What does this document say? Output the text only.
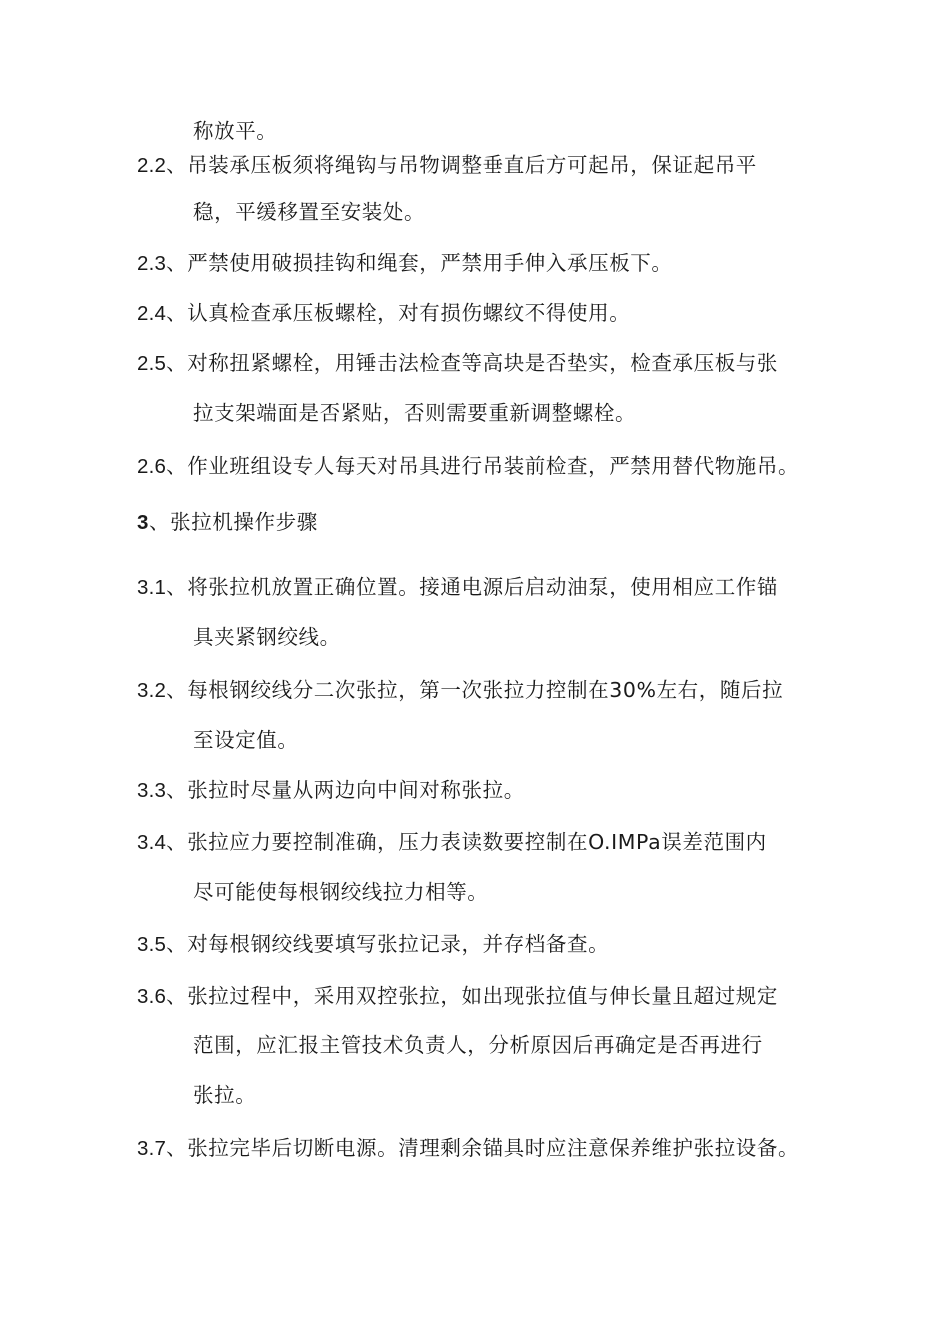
称放平。
2.2、吊装承压板须将绳钩与吊物调整垂直后方可起吊，保证起吊平
稳，平缓移置至安装处。
2.3、严禁使用破损挂钩和绳套，严禁用手伸入承压板下。
2.4、认真检查承压板螺栓，对有损伤螺纹不得使用。
2.5、对称扭紧螺栓，用锤击法检查等高块是否垫实，检查承压板与张
拉支架端面是否紧贴，否则需要重新调整螺栓。
2.6、作业班组设专人每天对吊具进行吊装前检查，严禁用替代物施吊。
3、张拉机操作步骤
3.1、将张拉机放置正确位置。接通电源后启动油泵，使用相应工作锚
具夹紧钢绞线。
3.2、每根钢绞线分二次张拉，第一次张拉力控制在30%左右，随后拉
至设定值。
3.3、张拉时尽量从两边向中间对称张拉。
3.4、张拉应力要控制准确，压力表读数要控制在O.IMPa误差范围内
尽可能使每根钢绞线拉力相等。
3.5、对每根钢绞线要填写张拉记录，并存档备查。
3.6、张拉过程中，采用双控张拉，如出现张拉值与伸长量且超过规定
范围，应汇报主管技术负责人，分析原因后再确定是否再进行
张拉。
3.7、张拉完毕后切断电源。清理剩余锚具时应注意保养维护张拉设备。
